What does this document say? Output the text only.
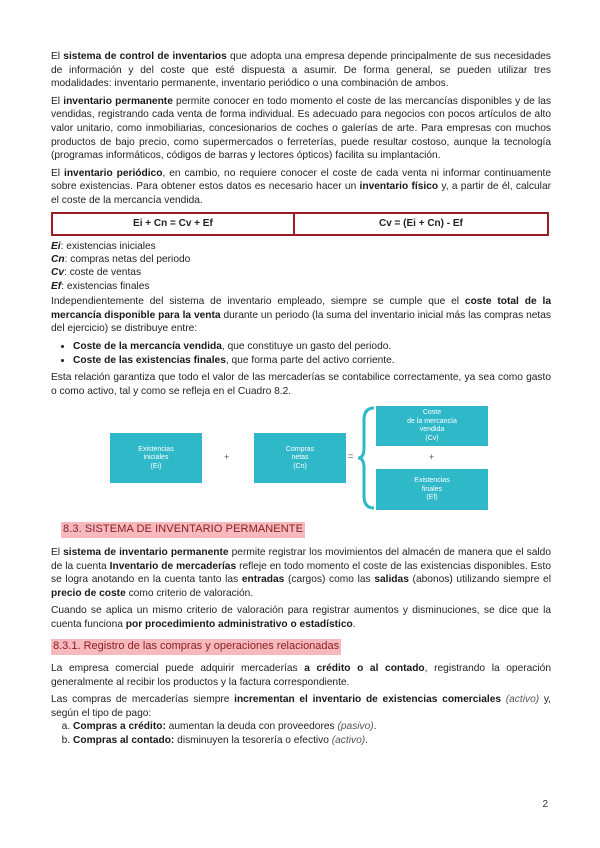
El sistema de control de inventarios que adopta una empresa depende principalmente de sus necesidades de información y del coste que esté dispuesta a asumir. De forma general, se pueden utilizar tres modalidades: inventario permanente, inventario periódico o una combinación de ambos.

El inventario permanente permite conocer en todo momento el coste de las mercancías disponibles y de las vendidas, registrando cada venta de forma individual. Es adecuado para negocios con pocos artículos de alto valor unitario, como inmobiliarias, concesionarios de coches o galerías de arte. Para empresas con muchos productos de bajo precio, como supermercados o ferreterías, puede resultar costoso, aunque la tecnología (programas informáticos, códigos de barras y lectores ópticos) facilita su implantación.

El inventario periódico, en cambio, no requiere conocer el coste de cada venta ni informar continuamente sobre existencias. Para obtener estos datos es necesario hacer un inventario físico y, a partir de él, calcular el coste de la mercancía vendida.

Ei + Cn = Cv + Ef	Cv = (Ei + Cn) - Ef
Ei: existencias iniciales
Cn: compras netas del periodo
Cv: coste de ventas
Ef: existencias finales

Independientemente del sistema de inventario empleado, siempre se cumple que el coste total de la mercancía disponible para la venta durante un periodo (la suma del inventario inicial más las compras netas del ejercicio) se distribuye entre:

• Coste de la mercancía vendida, que constituye un gasto del periodo.
• Coste de las existencias finales, que forma parte del activo corriente.

Esta relación garantiza que todo el valor de las mercaderías se contabilice correctamente, ya sea como gasto o como activo, tal y como se refleja en el Cuadro 8.2.

Existencias
iniciales
(Ei)
+
Compras
netas
(Cn)
=
Coste
de la mercancía
vendida
(Cv)
+
Existencias
finales
(Ef)
8.3. SISTEMA DE INVENTARIO PERMANENTE

El sistema de inventario permanente permite registrar los movimientos del almacén de manera que el saldo de la cuenta Inventario de mercaderías refleje en todo momento el coste de las existencias disponibles. Esto se logra anotando en la cuenta tanto las entradas (cargos) como las salidas (abonos) utilizando siempre el precio de coste como criterio de valoración.

Cuando se aplica un mismo criterio de valoración para registrar aumentos y disminuciones, se dice que la cuenta funciona por procedimiento administrativo o estadístico.

8.3.1. Registro de las compras y operaciones relacionadas

La empresa comercial puede adquirir mercaderías a crédito o al contado, registrando la operación generalmente al recibir los productos y la factura correspondiente.

Las compras de mercaderías siempre incrementan el inventario de existencias comerciales (activo) y, según el tipo de pago:

a. Compras a crédito: aumentan la deuda con proveedores (pasivo).
b. Compras al contado: disminuyen la tesorería o efectivo (activo).
2
